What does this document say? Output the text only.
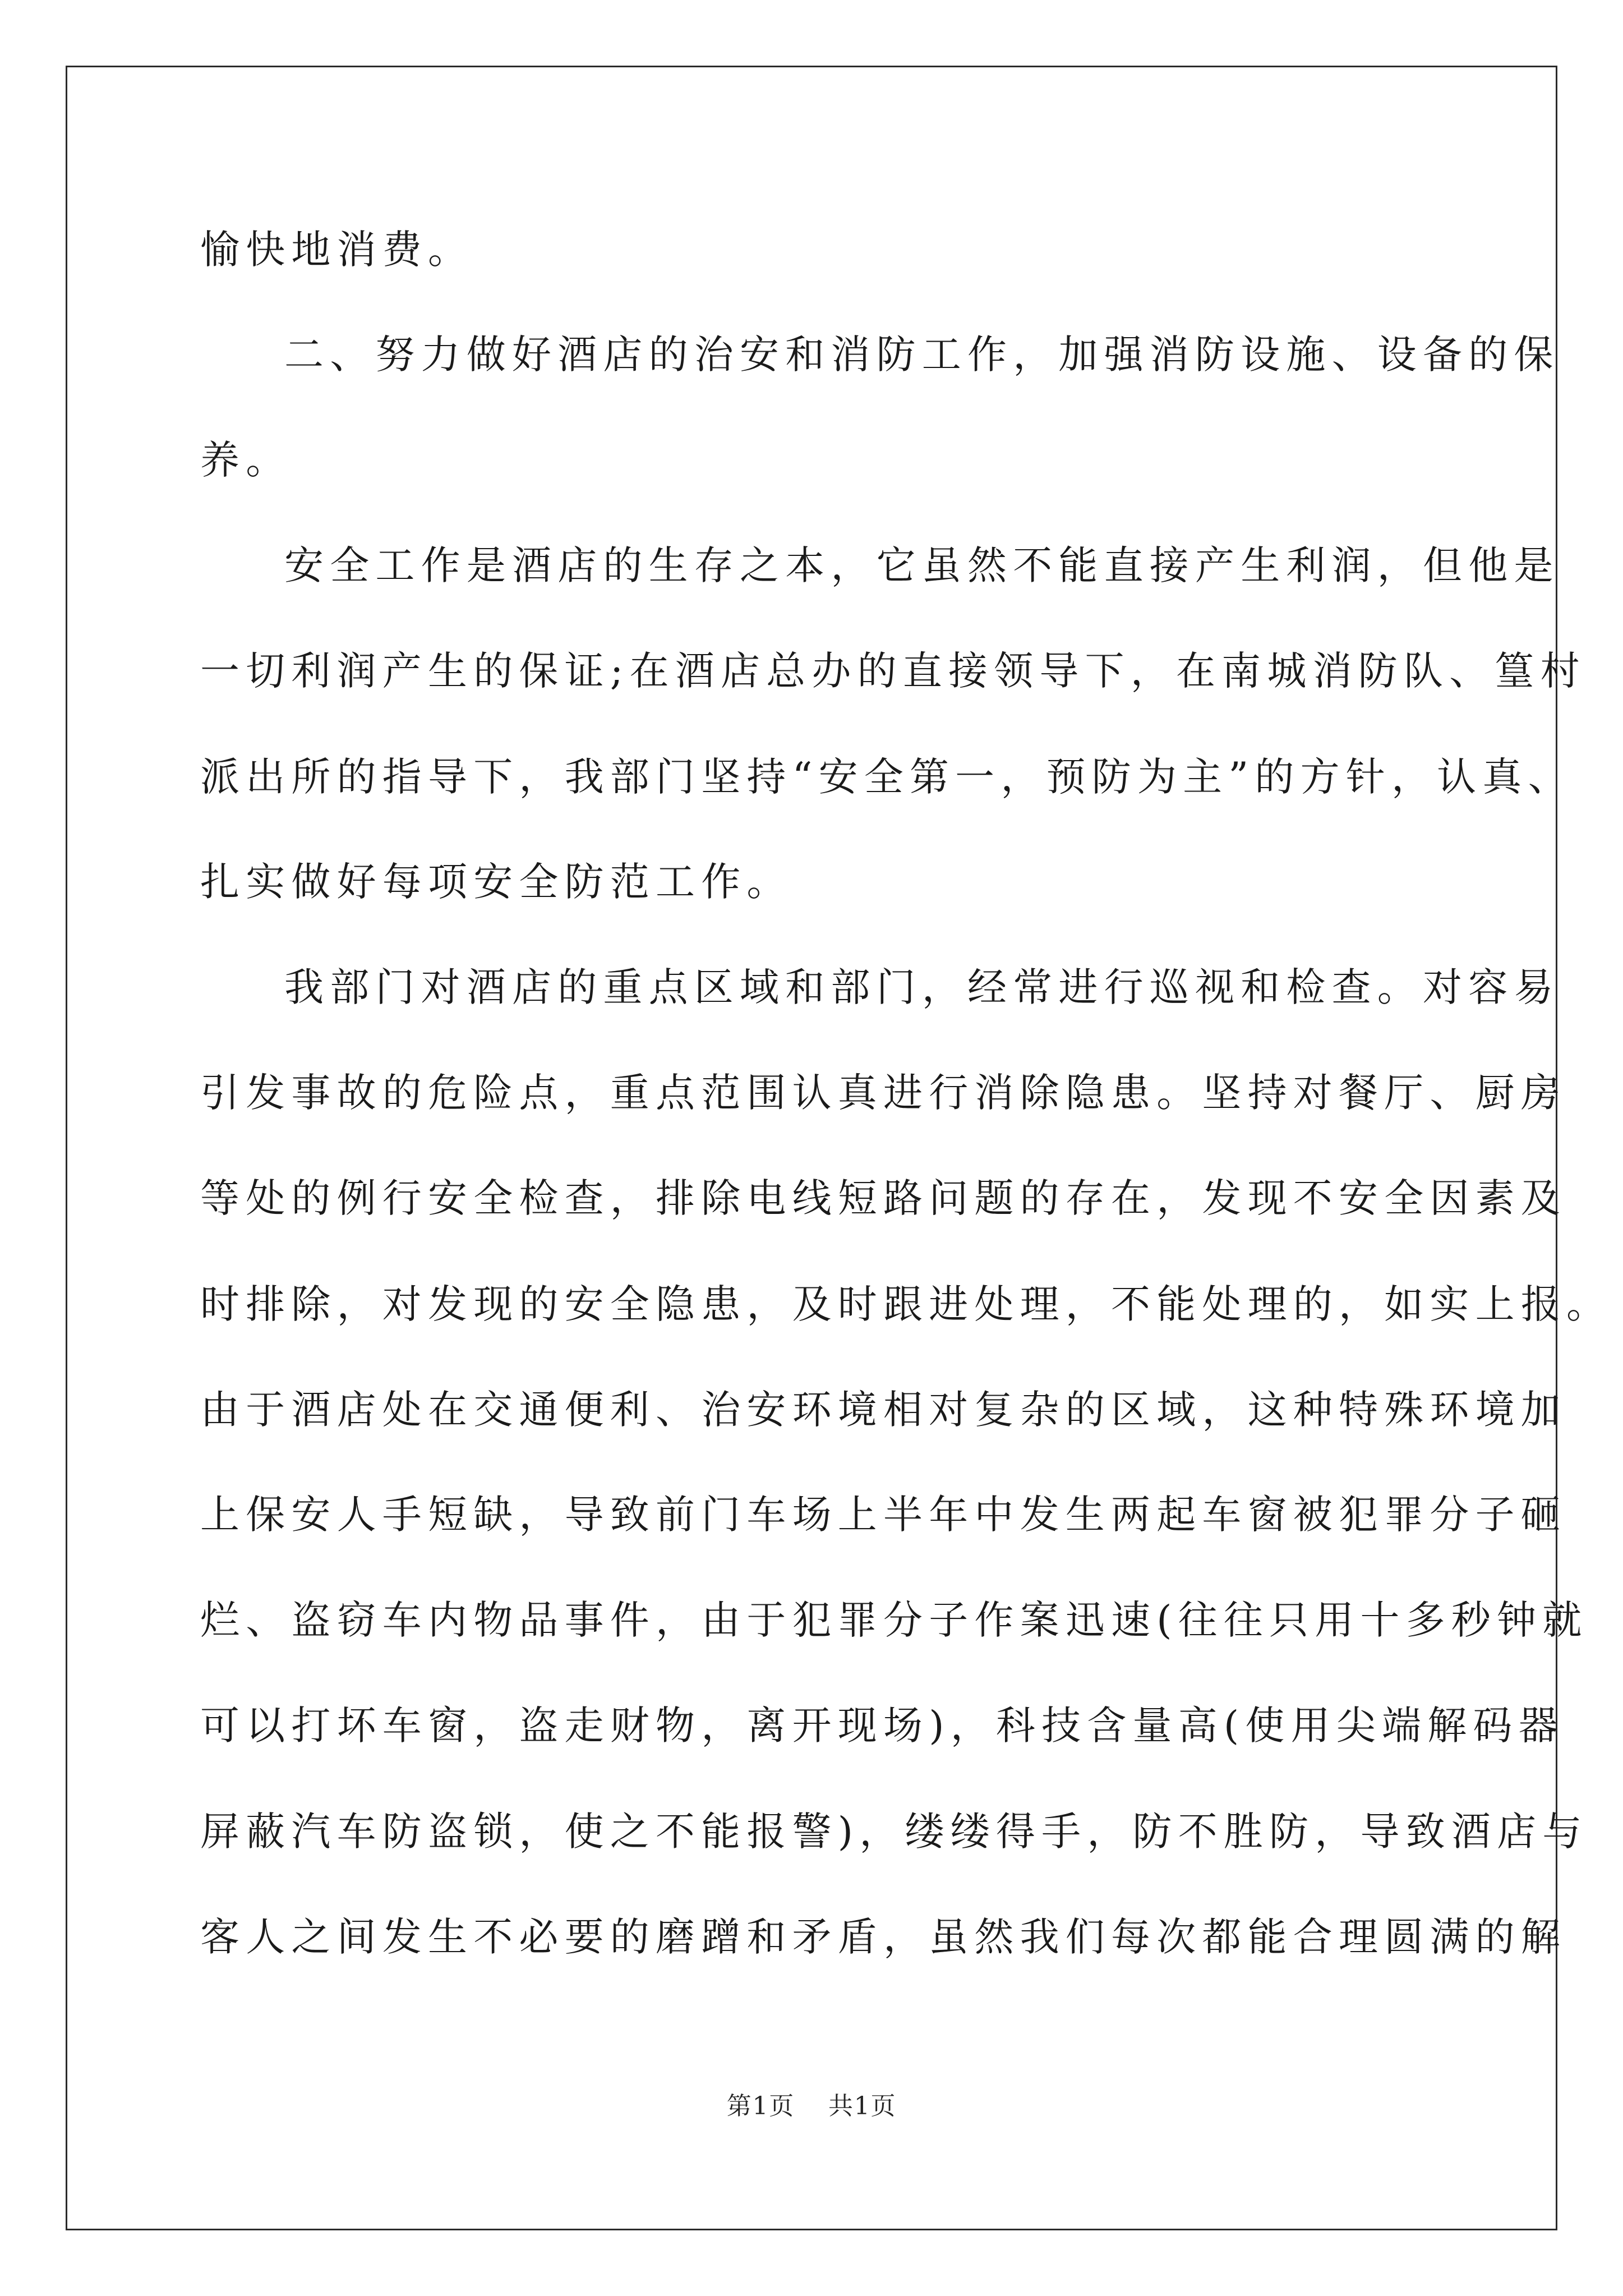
愉快地消费。
二、努力做好酒店的治安和消防工作，加强消防设施、设备的保
养。
安全工作是酒店的生存之本，它虽然不能直接产生利润，但他是
一切利润产生的保证;在酒店总办的直接领导下，在南城消防队、篁村
派出所的指导下，我部门坚持“安全第一，预防为主”的方针，认真、
扎实做好每项安全防范工作。
我部门对酒店的重点区域和部门，经常进行巡视和检查。对容易
引发事故的危险点，重点范围认真进行消除隐患。坚持对餐厅、厨房
等处的例行安全检查，排除电线短路问题的存在，发现不安全因素及
时排除，对发现的安全隐患，及时跟进处理，不能处理的，如实上报。
由于酒店处在交通便利、治安环境相对复杂的区域，这种特殊环境加
上保安人手短缺，导致前门车场上半年中发生两起车窗被犯罪分子砸
烂、盗窃车内物品事件，由于犯罪分子作案迅速(往往只用十多秒钟就
可以打坏车窗，盗走财物，离开现场)，科技含量高(使用尖端解码器
屏蔽汽车防盗锁，使之不能报警)，缕缕得手，防不胜防，导致酒店与
客人之间发生不必要的磨蹭和矛盾，虽然我们每次都能合理圆满的解
第1页 共1页
